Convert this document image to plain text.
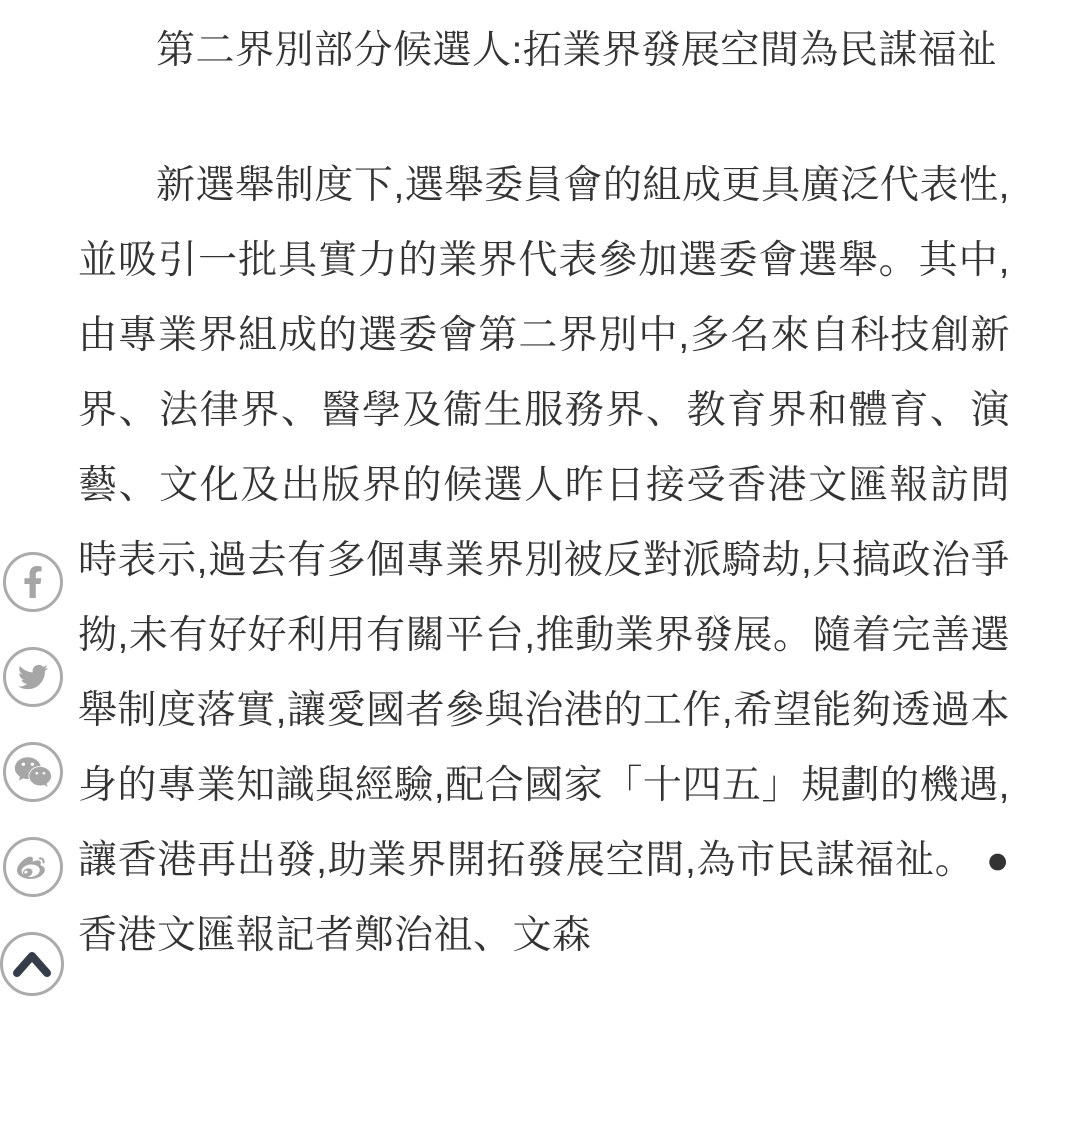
第二界別部分候選人:拓業界發展空間為民謀福祉

新選舉制度下,選舉委員會的組成更具廣泛代表性,並吸引一批具實力的業界代表參加選委會選舉。其中,由專業界組成的選委會第二界別中,多名來自科技創新界、法律界、醫學及衞生服務界、教育界和體育、演藝、文化及出版界的候選人昨日接受香港文匯報訪問時表示,過去有多個專業界別被反對派騎劫,只搞政治爭拗,未有好好利用有關平台,推動業界發展。隨着完善選舉制度落實,讓愛國者參與治港的工作,希望能夠透過本身的專業知識與經驗,配合國家「十四五」規劃的機遇,讓香港再出發,助業界開拓發展空間,為市民謀福祉。 ●香港文匯報記者鄭治祖、文森
